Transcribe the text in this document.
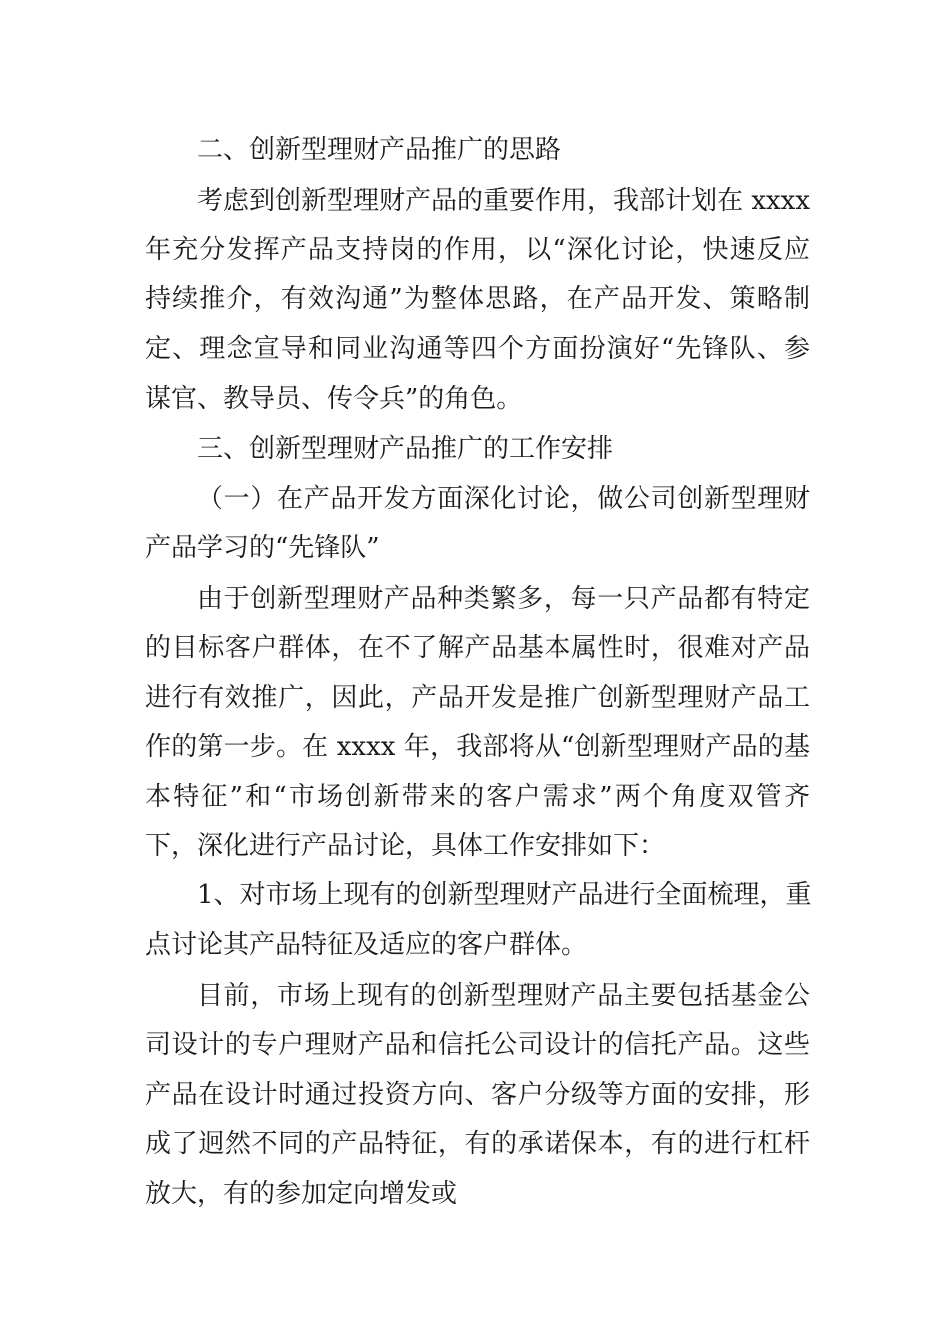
二、创新型理财产品推广的思路
考虑到创新型理财产品的重要作用，我部计划在 xxxx
年充分发挥产品支持岗的作用，以“深化讨论，快速反应
持续推介，有效沟通”为整体思路，在产品开发、策略制
定、理念宣导和同业沟通等四个方面扮演好“先锋队、参
谋官、教导员、传令兵”的角色。
三、创新型理财产品推广的工作安排
（一）在产品开发方面深化讨论，做公司创新型理财
产品学习的“先锋队”
由于创新型理财产品种类繁多，每一只产品都有特定
的目标客户群体，在不了解产品基本属性时，很难对产品
进行有效推广，因此，产品开发是推广创新型理财产品工
作的第一步。在 xxxx 年，我部将从“创新型理财产品的基
本特征”和“市场创新带来的客户需求”两个角度双管齐
下，深化进行产品讨论，具体工作安排如下：
1、对市场上现有的创新型理财产品进行全面梳理，重
点讨论其产品特征及适应的客户群体。
目前，市场上现有的创新型理财产品主要包括基金公
司设计的专户理财产品和信托公司设计的信托产品。这些
产品在设计时通过投资方向、客户分级等方面的安排，形
成了迥然不同的产品特征，有的承诺保本，有的进行杠杆
放大，有的参加定向增发或
